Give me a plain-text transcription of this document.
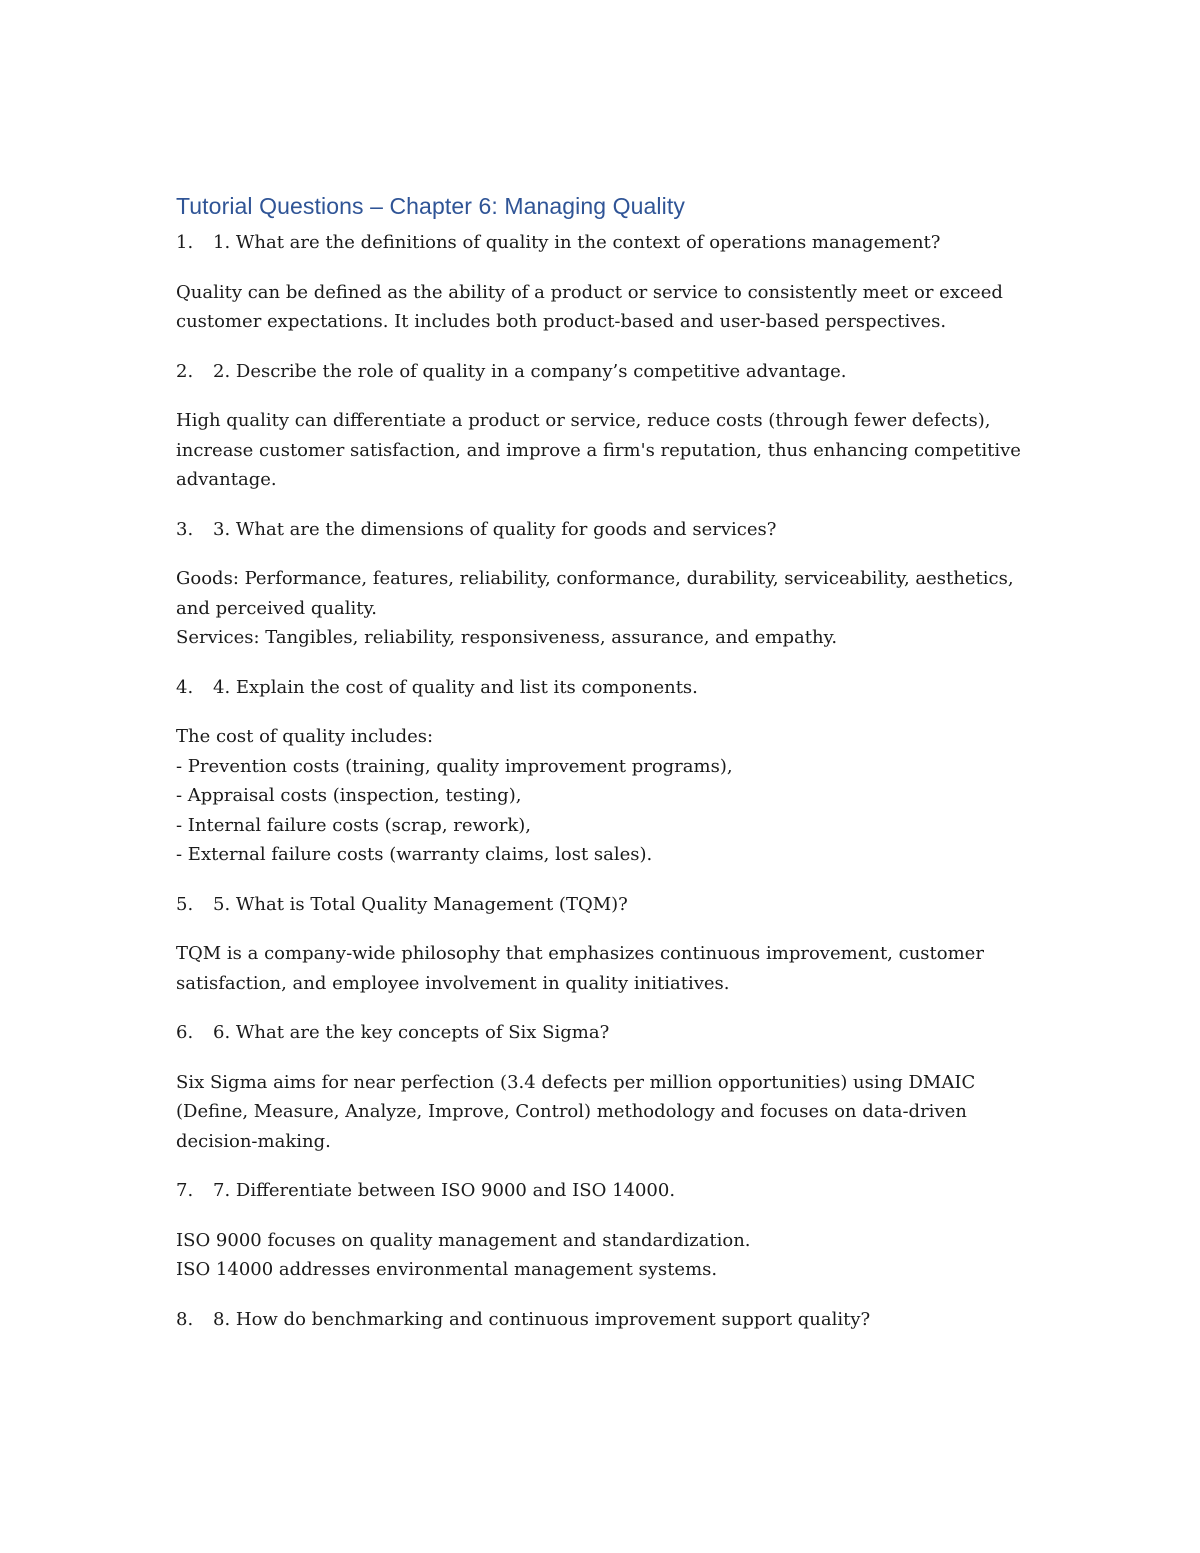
Tutorial Questions – Chapter 6: Managing Quality
1.	1. What are the definitions of quality in the context of operations management?
Quality can be defined as the ability of a product or service to consistently meet or exceed
customer expectations. It includes both product-based and user-based perspectives.
2.	2. Describe the role of quality in a company’s competitive advantage.
High quality can differentiate a product or service, reduce costs (through fewer defects),
increase customer satisfaction, and improve a firm's reputation, thus enhancing competitive
advantage.
3.	3. What are the dimensions of quality for goods and services?
Goods: Performance, features, reliability, conformance, durability, serviceability, aesthetics,
and perceived quality.
Services: Tangibles, reliability, responsiveness, assurance, and empathy.
4.	4. Explain the cost of quality and list its components.
The cost of quality includes:
- Prevention costs (training, quality improvement programs),
- Appraisal costs (inspection, testing),
- Internal failure costs (scrap, rework),
- External failure costs (warranty claims, lost sales).
5.	5. What is Total Quality Management (TQM)?
TQM is a company-wide philosophy that emphasizes continuous improvement, customer
satisfaction, and employee involvement in quality initiatives.
6.	6. What are the key concepts of Six Sigma?
Six Sigma aims for near perfection (3.4 defects per million opportunities) using DMAIC
(Define, Measure, Analyze, Improve, Control) methodology and focuses on data-driven
decision-making.
7.	7. Differentiate between ISO 9000 and ISO 14000.
ISO 9000 focuses on quality management and standardization.
ISO 14000 addresses environmental management systems.
8.	8. How do benchmarking and continuous improvement support quality?
